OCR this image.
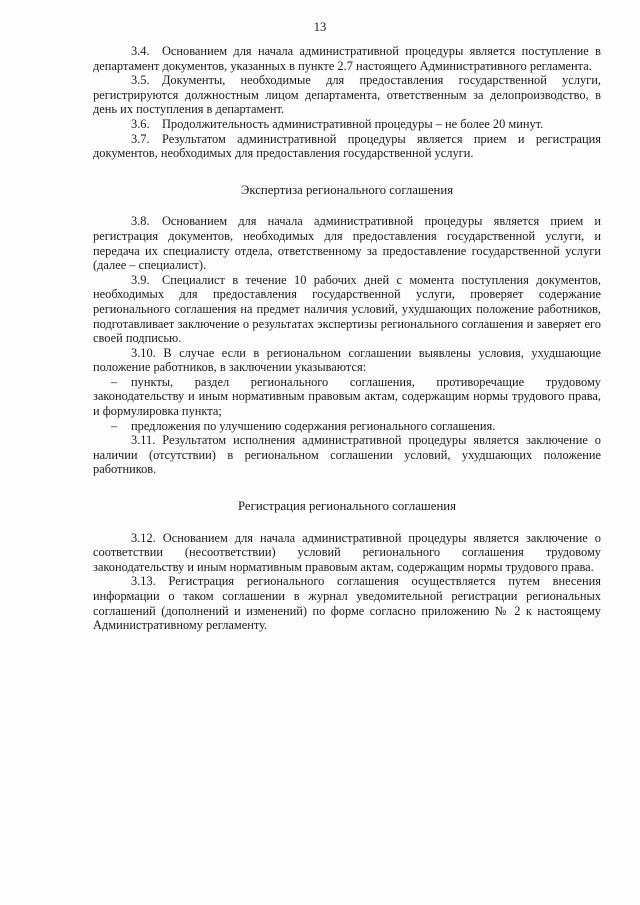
13

3.4. Основанием для начала административной процедуры является поступление в департамент документов, указанных в пункте 2.7 настоящего Административного регламента.

3.5. Документы, необходимые для предоставления государственной услуги, регистрируются должностным лицом департамента, ответственным за делопроизводство, в день их поступления в департамент.

3.6. Продолжительность административной процедуры – не более 20 минут.

3.7. Результатом административной процедуры является прием и регистрация документов, необходимых для предоставления государственной услуги.

Экспертиза регионального соглашения

3.8. Основанием для начала административной процедуры является прием и регистрация документов, необходимых для предоставления государственной услуги, и передача их специалисту отдела, ответственному за предоставление государственной услуги (далее – специалист).

3.9. Специалист в течение 10 рабочих дней с момента поступления документов, необходимых для предоставления государственной услуги, проверяет содержание регионального соглашения на предмет наличия условий, ухудшающих положение работников, подготавливает заключение о результатах экспертизы регионального соглашения и заверяет его своей подписью.

3.10. В случае если в региональном соглашении выявлены условия, ухудшающие положение работников, в заключении указываются:

– пункты, раздел регионального соглашения, противоречащие трудовому законодательству и иным нормативным правовым актам, содержащим нормы трудового права, и формулировка пункта;

– предложения по улучшению содержания регионального соглашения.

3.11. Результатом исполнения административной процедуры является заключение о наличии (отсутствии) в региональном соглашении условий, ухудшающих положение работников.

Регистрация регионального соглашения

3.12. Основанием для начала административной процедуры является заключение о соответствии (несоответствии) условий регионального соглашения трудовому законодательству и иным нормативным правовым актам, содержащим нормы трудового права.

3.13. Регистрация регионального соглашения осуществляется путем внесения информации о таком соглашении в журнал уведомительной регистрации региональных соглашений (дополнений и изменений) по форме согласно приложению № 2 к настоящему Административному регламенту.
